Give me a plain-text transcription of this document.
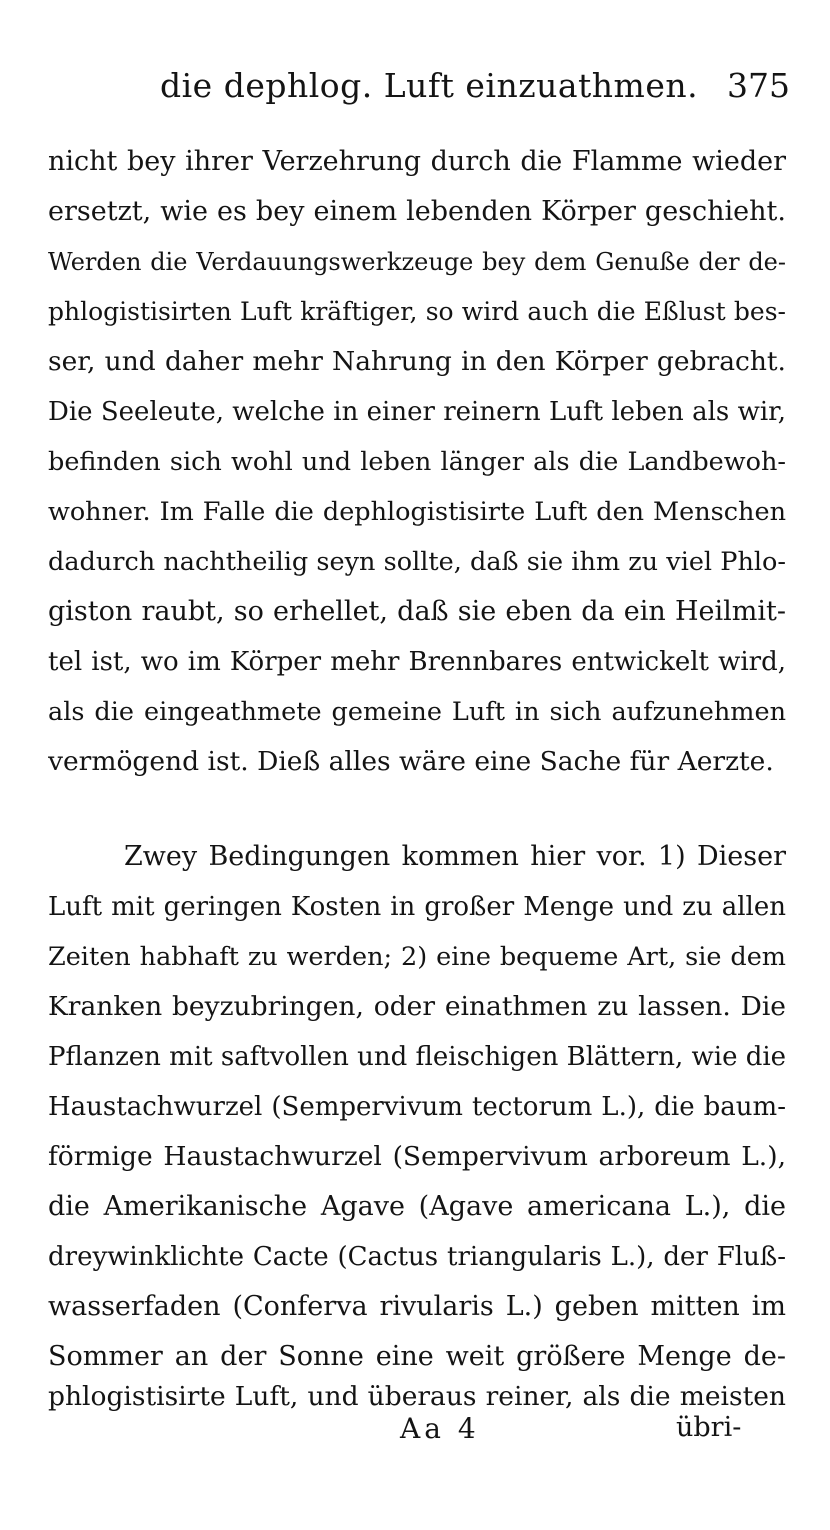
die dephlog. Luft einzuathmen. 375
nicht bey ihrer Verzehrung durch die Flamme wieder
ersetzt, wie es bey einem lebenden Körper geschieht.
Werden die Verdauungswerkzeuge bey dem Genuße der de-
phlogistisirten Luft kräftiger, so wird auch die Eßlust bes-
ser, und daher mehr Nahrung in den Körper gebracht.
Die Seeleute, welche in einer reinern Luft leben als wir,
befinden sich wohl und leben länger als die Landbewoh-
wohner. Im Falle die dephlogistisirte Luft den Menschen
dadurch nachtheilig seyn sollte, daß sie ihm zu viel Phlo-
giston raubt, so erhellet, daß sie eben da ein Heilmit-
tel ist, wo im Körper mehr Brennbares entwickelt wird,
als die eingeathmete gemeine Luft in sich aufzunehmen
vermögend ist. Dieß alles wäre eine Sache für Aerzte.
Zwey Bedingungen kommen hier vor. 1) Dieser
Luft mit geringen Kosten in großer Menge und zu allen
Zeiten habhaft zu werden; 2) eine bequeme Art, sie dem
Kranken beyzubringen, oder einathmen zu lassen. Die
Pflanzen mit saftvollen und fleischigen Blättern, wie die
Haustachwurzel (Sempervivum tectorum L.), die baum-
förmige Haustachwurzel (Sempervivum arboreum L.),
die Amerikanische Agave (Agave americana L.), die
dreywinklichte Cacte (Cactus triangularis L.), der Fluß-
wasserfaden (Conferva rivularis L.) geben mitten im
Sommer an der Sonne eine weit größere Menge de-
phlogistisirte Luft, und überaus reiner, als die meisten
Aa 4	übri-
